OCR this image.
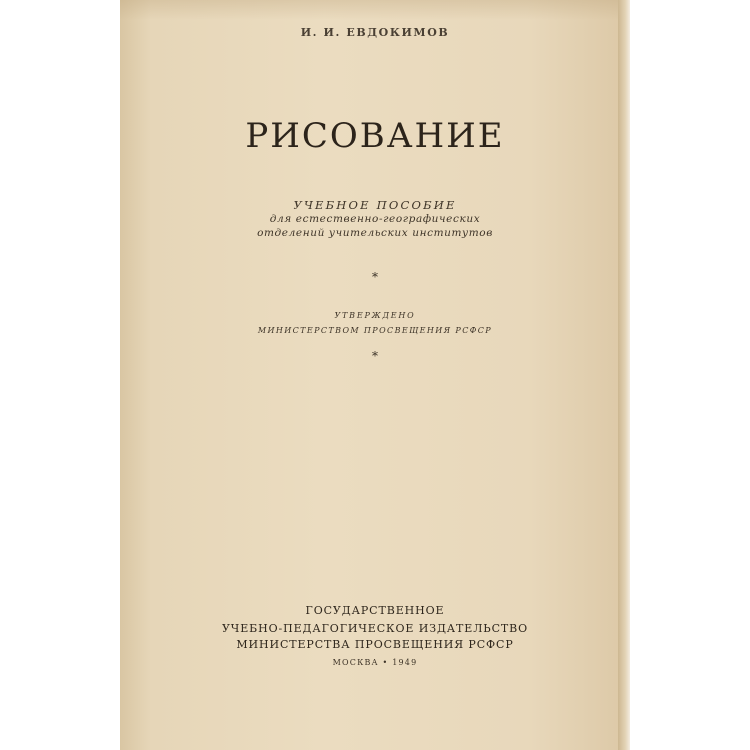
И. И. ЕВДОКИМОВ
РИСОВАНИЕ
УЧЕБНОЕ ПОСОБИЕ
для естественно-географических
отделений учительских институтов
*
УТВЕРЖДЕНО
МИНИСТЕРСТВОМ ПРОСВЕЩЕНИЯ РСФСР
*
ГОСУДАРСТВЕННОЕ
УЧЕБНО-ПЕДАГОГИЧЕСКОЕ ИЗДАТЕЛЬСТВО
МИНИСТЕРСТВА ПРОСВЕЩЕНИЯ РСФСР
МОСКВА • 1949
